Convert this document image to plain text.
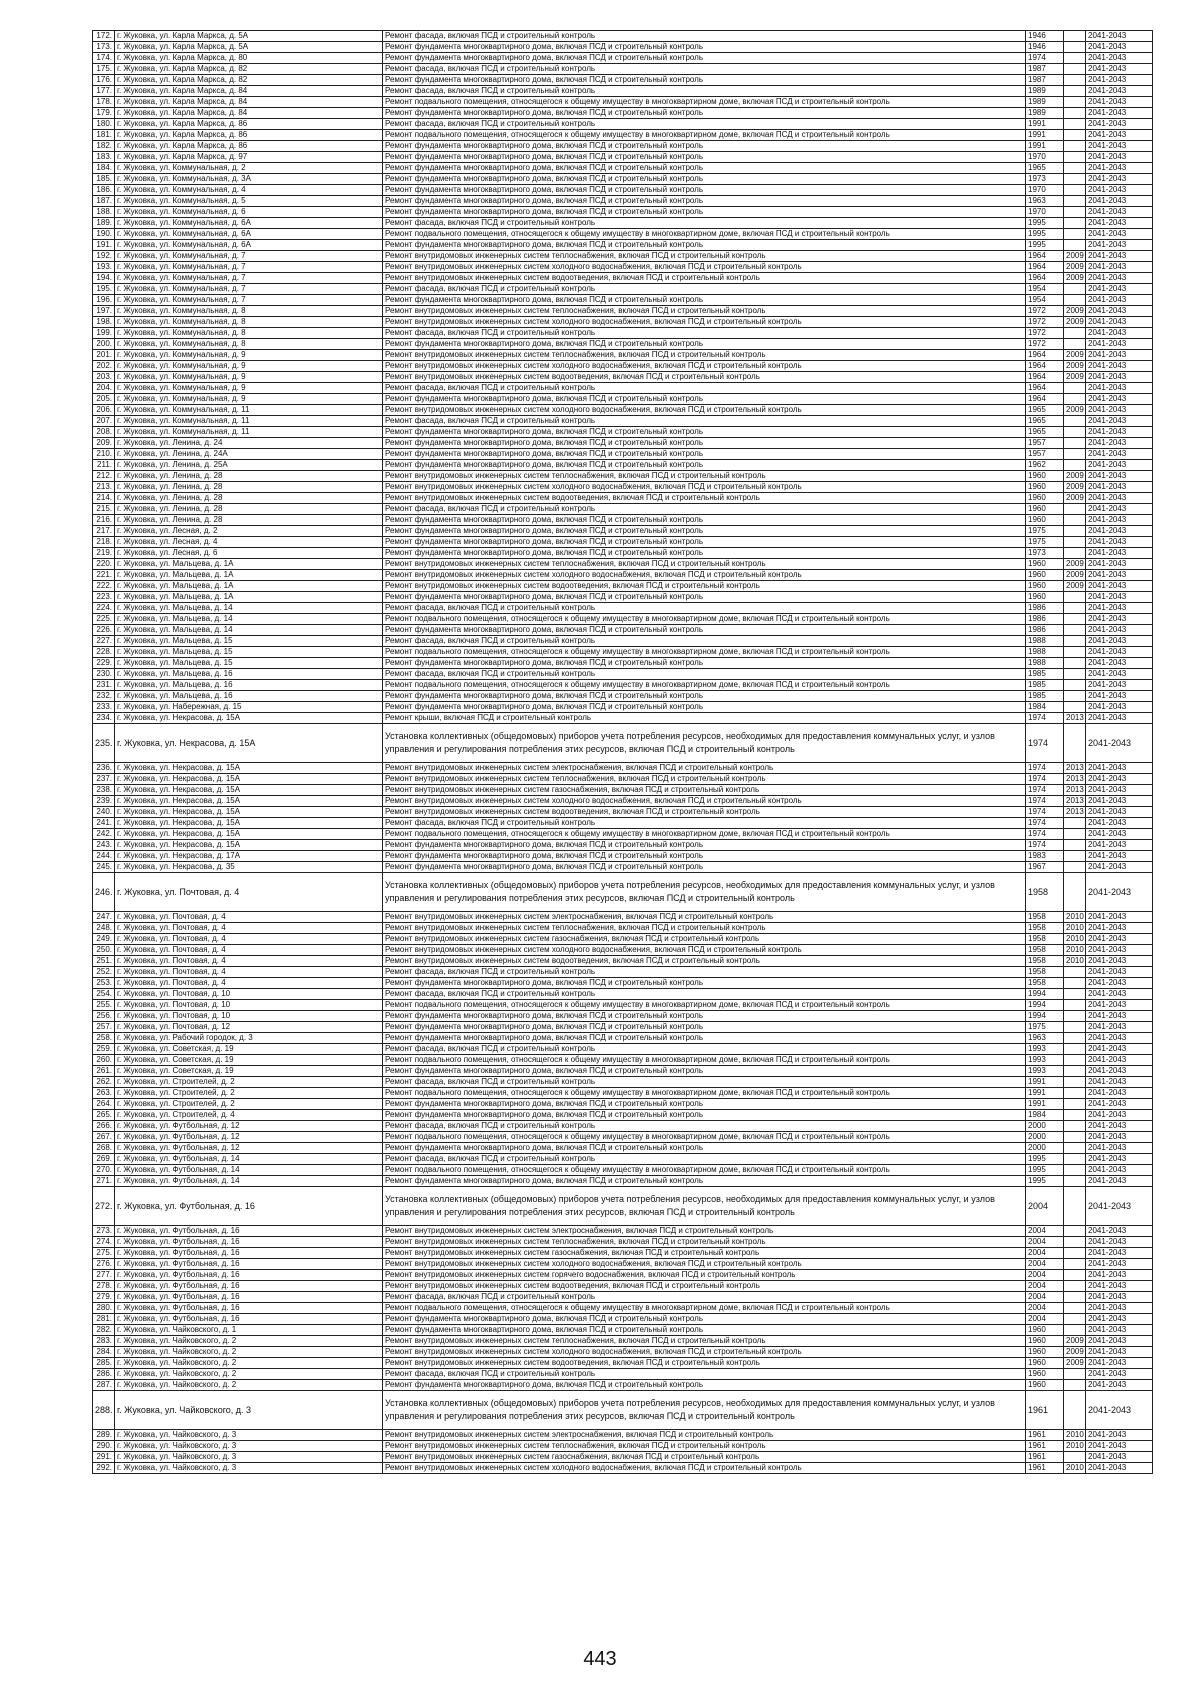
172.	г. Жуковка, ул. Карла Маркса, д. 5А	Ремонт фасада, включая ПСД и строительный контроль	1946		2041-2043
173.	г. Жуковка, ул. Карла Маркса, д. 5А	Ремонт фундамента многоквартирного дома, включая ПСД и строительный контроль	1946		2041-2043
174.	г. Жуковка, ул. Карла Маркса, д. 80	Ремонт фундамента многоквартирного дома, включая ПСД и строительный контроль	1974		2041-2043
175.	г. Жуковка, ул. Карла Маркса, д. 82	Ремонт фасада, включая ПСД и строительный контроль	1987		2041-2043
176.	г. Жуковка, ул. Карла Маркса, д. 82	Ремонт фундамента многоквартирного дома, включая ПСД и строительный контроль	1987		2041-2043
177.	г. Жуковка, ул. Карла Маркса, д. 84	Ремонт фасада, включая ПСД и строительный контроль	1989		2041-2043
178.	г. Жуковка, ул. Карла Маркса, д. 84	Ремонт подвального помещения, относящегося к общему имуществу в многоквартирном доме, включая ПСД и строительный контроль	1989		2041-2043
179.	г. Жуковка, ул. Карла Маркса, д. 84	Ремонт фундамента многоквартирного дома, включая ПСД и строительный контроль	1989		2041-2043
180.	г. Жуковка, ул. Карла Маркса, д. 86	Ремонт фасада, включая ПСД и строительный контроль	1991		2041-2043
181.	г. Жуковка, ул. Карла Маркса, д. 86	Ремонт подвального помещения, относящегося к общему имуществу в многоквартирном доме, включая ПСД и строительный контроль	1991		2041-2043
182.	г. Жуковка, ул. Карла Маркса, д. 86	Ремонт фундамента многоквартирного дома, включая ПСД и строительный контроль	1991		2041-2043
183.	г. Жуковка, ул. Карла Маркса, д. 97	Ремонт фундамента многоквартирного дома, включая ПСД и строительный контроль	1970		2041-2043
184.	г. Жуковка, ул. Коммунальная, д. 2	Ремонт фундамента многоквартирного дома, включая ПСД и строительный контроль	1965		2041-2043
185.	г. Жуковка, ул. Коммунальная, д. 3А	Ремонт фундамента многоквартирного дома, включая ПСД и строительный контроль	1973		2041-2043
186.	г. Жуковка, ул. Коммунальная, д. 4	Ремонт фундамента многоквартирного дома, включая ПСД и строительный контроль	1970		2041-2043
187.	г. Жуковка, ул. Коммунальная, д. 5	Ремонт фундамента многоквартирного дома, включая ПСД и строительный контроль	1963		2041-2043
188.	г. Жуковка, ул. Коммунальная, д. 6	Ремонт фундамента многоквартирного дома, включая ПСД и строительный контроль	1970		2041-2043
189.	г. Жуковка, ул. Коммунальная, д. 6А	Ремонт фасада, включая ПСД и строительный контроль	1995		2041-2043
190.	г. Жуковка, ул. Коммунальная, д. 6А	Ремонт подвального помещения, относящегося к общему имуществу в многоквартирном доме, включая ПСД и строительный контроль	1995		2041-2043
191.	г. Жуковка, ул. Коммунальная, д. 6А	Ремонт фундамента многоквартирного дома, включая ПСД и строительный контроль	1995		2041-2043
192.	г. Жуковка, ул. Коммунальная, д. 7	Ремонт внутридомовых инженерных систем теплоснабжения, включая ПСД и строительный контроль	1964	2009	2041-2043
193.	г. Жуковка, ул. Коммунальная, д. 7	Ремонт внутридомовых инженерных систем холодного водоснабжения, включая ПСД и строительный контроль	1964	2009	2041-2043
194.	г. Жуковка, ул. Коммунальная, д. 7	Ремонт внутридомовых инженерных систем водоотведения, включая ПСД и строительный контроль	1964	2009	2041-2043
195.	г. Жуковка, ул. Коммунальная, д. 7	Ремонт фасада, включая ПСД и строительный контроль	1954		2041-2043
196.	г. Жуковка, ул. Коммунальная, д. 7	Ремонт фундамента многоквартирного дома, включая ПСД и строительный контроль	1954		2041-2043
197.	г. Жуковка, ул. Коммунальная, д. 8	Ремонт внутридомовых инженерных систем теплоснабжения, включая ПСД и строительный контроль	1972	2009	2041-2043
198.	г. Жуковка, ул. Коммунальная, д. 8	Ремонт внутридомовых инженерных систем холодного водоснабжения, включая ПСД и строительный контроль	1972	2009	2041-2043
199.	г. Жуковка, ул. Коммунальная, д. 8	Ремонт фасада, включая ПСД и строительный контроль	1972		2041-2043
200.	г. Жуковка, ул. Коммунальная, д. 8	Ремонт фундамента многоквартирного дома, включая ПСД и строительный контроль	1972		2041-2043
201.	г. Жуковка, ул. Коммунальная, д. 9	Ремонт внутридомовых инженерных систем теплоснабжения, включая ПСД и строительный контроль	1964	2009	2041-2043
202.	г. Жуковка, ул. Коммунальная, д. 9	Ремонт внутридомовых инженерных систем холодного водоснабжения, включая ПСД и строительный контроль	1964	2009	2041-2043
203.	г. Жуковка, ул. Коммунальная, д. 9	Ремонт внутридомовых инженерных систем водоотведения, включая ПСД и строительный контроль	1964	2009	2041-2043
204.	г. Жуковка, ул. Коммунальная, д. 9	Ремонт фасада, включая ПСД и строительный контроль	1964		2041-2043
205.	г. Жуковка, ул. Коммунальная, д. 9	Ремонт фундамента многоквартирного дома, включая ПСД и строительный контроль	1964		2041-2043
206.	г. Жуковка, ул. Коммунальная, д. 11	Ремонт внутридомовых инженерных систем холодного водоснабжения, включая ПСД и строительный контроль	1965	2009	2041-2043
207.	г. Жуковка, ул. Коммунальная, д. 11	Ремонт фасада, включая ПСД и строительный контроль	1965		2041-2043
208.	г. Жуковка, ул. Коммунальная, д. 11	Ремонт фундамента многоквартирного дома, включая ПСД и строительный контроль	1965		2041-2043
209.	г. Жуковка, ул. Ленина, д. 24	Ремонт фундамента многоквартирного дома, включая ПСД и строительный контроль	1957		2041-2043
210.	г. Жуковка, ул. Ленина, д. 24А	Ремонт фундамента многоквартирного дома, включая ПСД и строительный контроль	1957		2041-2043
211.	г. Жуковка, ул. Ленина, д. 25А	Ремонт фундамента многоквартирного дома, включая ПСД и строительный контроль	1962		2041-2043
212.	г. Жуковка, ул. Ленина, д. 28	Ремонт внутридомовых инженерных систем теплоснабжения, включая ПСД и строительный контроль	1960	2009	2041-2043
213.	г. Жуковка, ул. Ленина, д. 28	Ремонт внутридомовых инженерных систем холодного водоснабжения, включая ПСД и строительный контроль	1960	2009	2041-2043
214.	г. Жуковка, ул. Ленина, д. 28	Ремонт внутридомовых инженерных систем водоотведения, включая ПСД и строительный контроль	1960	2009	2041-2043
215.	г. Жуковка, ул. Ленина, д. 28	Ремонт фасада, включая ПСД и строительный контроль	1960		2041-2043
216.	г. Жуковка, ул. Ленина, д. 28	Ремонт фундамента многоквартирного дома, включая ПСД и строительный контроль	1960		2041-2043
217.	г. Жуковка, ул. Лесная, д. 2	Ремонт фундамента многоквартирного дома, включая ПСД и строительный контроль	1975		2041-2043
218.	г. Жуковка, ул. Лесная, д. 4	Ремонт фундамента многоквартирного дома, включая ПСД и строительный контроль	1975		2041-2043
219.	г. Жуковка, ул. Лесная, д. 6	Ремонт фундамента многоквартирного дома, включая ПСД и строительный контроль	1973		2041-2043
220.	г. Жуковка, ул. Мальцева, д. 1А	Ремонт внутридомовых инженерных систем теплоснабжения, включая ПСД и строительный контроль	1960	2009	2041-2043
221.	г. Жуковка, ул. Мальцева, д. 1А	Ремонт внутридомовых инженерных систем холодного водоснабжения, включая ПСД и строительный контроль	1960	2009	2041-2043
222.	г. Жуковка, ул. Мальцева, д. 1А	Ремонт внутридомовых инженерных систем водоотведения, включая ПСД и строительный контроль	1960	2009	2041-2043
223.	г. Жуковка, ул. Мальцева, д. 1А	Ремонт фундамента многоквартирного дома, включая ПСД и строительный контроль	1960		2041-2043
224.	г. Жуковка, ул. Мальцева, д. 14	Ремонт фасада, включая ПСД и строительный контроль	1986		2041-2043
225.	г. Жуковка, ул. Мальцева, д. 14	Ремонт подвального помещения, относящегося к общему имуществу в многоквартирном доме, включая ПСД и строительный контроль	1986		2041-2043
226.	г. Жуковка, ул. Мальцева, д. 14	Ремонт фундамента многоквартирного дома, включая ПСД и строительный контроль	1986		2041-2043
227.	г. Жуковка, ул. Мальцева, д. 15	Ремонт фасада, включая ПСД и строительный контроль	1988		2041-2043
228.	г. Жуковка, ул. Мальцева, д. 15	Ремонт подвального помещения, относящегося к общему имуществу в многоквартирном доме, включая ПСД и строительный контроль	1988		2041-2043
229.	г. Жуковка, ул. Мальцева, д. 15	Ремонт фундамента многоквартирного дома, включая ПСД и строительный контроль	1988		2041-2043
230.	г. Жуковка, ул. Мальцева, д. 16	Ремонт фасада, включая ПСД и строительный контроль	1985		2041-2043
231.	г. Жуковка, ул. Мальцева, д. 16	Ремонт подвального помещения, относящегося к общему имуществу в многоквартирном доме, включая ПСД и строительный контроль	1985		2041-2043
232.	г. Жуковка, ул. Мальцева, д. 16	Ремонт фундамента многоквартирного дома, включая ПСД и строительный контроль	1985		2041-2043
233.	г. Жуковка, ул. Набережная, д. 15	Ремонт фундамента многоквартирного дома, включая ПСД и строительный контроль	1984		2041-2043
234.	г. Жуковка, ул. Некрасова, д. 15А	Ремонт крыши, включая ПСД и строительный контроль	1974	2013	2041-2043
235.	г. Жуковка, ул. Некрасова, д. 15А	Установка коллективных (общедомовых) приборов учета потребления ресурсов, необходимых для предоставления коммунальных услуг, и узлов управления и регулирования потребления этих ресурсов, включая ПСД и строительный контроль	1974		2041-2043
236.	г. Жуковка, ул. Некрасова, д. 15А	Ремонт внутридомовых инженерных систем электроснабжения, включая ПСД и строительный контроль	1974	2013	2041-2043
237.	г. Жуковка, ул. Некрасова, д. 15А	Ремонт внутридомовых инженерных систем теплоснабжения, включая ПСД и строительный контроль	1974	2013	2041-2043
238.	г. Жуковка, ул. Некрасова, д. 15А	Ремонт внутридомовых инженерных систем газоснабжения, включая ПСД и строительный контроль	1974	2013	2041-2043
239.	г. Жуковка, ул. Некрасова, д. 15А	Ремонт внутридомовых инженерных систем холодного водоснабжения, включая ПСД и строительный контроль	1974	2013	2041-2043
240.	г. Жуковка, ул. Некрасова, д. 15А	Ремонт внутридомовых инженерных систем водоотведения, включая ПСД и строительный контроль	1974	2013	2041-2043
241.	г. Жуковка, ул. Некрасова, д. 15А	Ремонт фасада, включая ПСД и строительный контроль	1974		2041-2043
242.	г. Жуковка, ул. Некрасова, д. 15А	Ремонт подвального помещения, относящегося к общему имуществу в многоквартирном доме, включая ПСД и строительный контроль	1974		2041-2043
243.	г. Жуковка, ул. Некрасова, д. 15А	Ремонт фундамента многоквартирного дома, включая ПСД и строительный контроль	1974		2041-2043
244.	г. Жуковка, ул. Некрасова, д. 17А	Ремонт фундамента многоквартирного дома, включая ПСД и строительный контроль	1983		2041-2043
245.	г. Жуковка, ул. Некрасова, д. 35	Ремонт фундамента многоквартирного дома, включая ПСД и строительный контроль	1967		2041-2043
246.	г. Жуковка, ул. Почтовая, д. 4	Установка коллективных (общедомовых) приборов учета потребления ресурсов, необходимых для предоставления коммунальных услуг, и узлов управления и регулирования потребления этих ресурсов, включая ПСД и строительный контроль	1958		2041-2043
247.	г. Жуковка, ул. Почтовая, д. 4	Ремонт внутридомовых инженерных систем электроснабжения, включая ПСД и строительный контроль	1958	2010	2041-2043
248.	г. Жуковка, ул. Почтовая, д. 4	Ремонт внутридомовых инженерных систем теплоснабжения, включая ПСД и строительный контроль	1958	2010	2041-2043
249.	г. Жуковка, ул. Почтовая, д. 4	Ремонт внутридомовых инженерных систем газоснабжения, включая ПСД и строительный контроль	1958	2010	2041-2043
250.	г. Жуковка, ул. Почтовая, д. 4	Ремонт внутридомовых инженерных систем холодного водоснабжения, включая ПСД и строительный контроль	1958	2010	2041-2043
251.	г. Жуковка, ул. Почтовая, д. 4	Ремонт внутридомовых инженерных систем водоотведения, включая ПСД и строительный контроль	1958	2010	2041-2043
252.	г. Жуковка, ул. Почтовая, д. 4	Ремонт фасада, включая ПСД и строительный контроль	1958		2041-2043
253.	г. Жуковка, ул. Почтовая, д. 4	Ремонт фундамента многоквартирного дома, включая ПСД и строительный контроль	1958		2041-2043
254.	г. Жуковка, ул. Почтовая, д. 10	Ремонт фасада, включая ПСД и строительный контроль	1994		2041-2043
255.	г. Жуковка, ул. Почтовая, д. 10	Ремонт подвального помещения, относящегося к общему имуществу в многоквартирном доме, включая ПСД и строительный контроль	1994		2041-2043
256.	г. Жуковка, ул. Почтовая, д. 10	Ремонт фундамента многоквартирного дома, включая ПСД и строительный контроль	1994		2041-2043
257.	г. Жуковка, ул. Почтовая, д. 12	Ремонт фундамента многоквартирного дома, включая ПСД и строительный контроль	1975		2041-2043
258.	г. Жуковка, ул. Рабочий городок, д. 3	Ремонт фундамента многоквартирного дома, включая ПСД и строительный контроль	1963		2041-2043
259.	г. Жуковка, ул. Советская, д. 19	Ремонт фасада, включая ПСД и строительный контроль	1993		2041-2043
260.	г. Жуковка, ул. Советская, д. 19	Ремонт подвального помещения, относящегося к общему имуществу в многоквартирном доме, включая ПСД и строительный контроль	1993		2041-2043
261.	г. Жуковка, ул. Советская, д. 19	Ремонт фундамента многоквартирного дома, включая ПСД и строительный контроль	1993		2041-2043
262.	г. Жуковка, ул. Строителей, д. 2	Ремонт фасада, включая ПСД и строительный контроль	1991		2041-2043
263.	г. Жуковка, ул. Строителей, д. 2	Ремонт подвального помещения, относящегося к общему имуществу в многоквартирном доме, включая ПСД и строительный контроль	1991		2041-2043
264.	г. Жуковка, ул. Строителей, д. 2	Ремонт фундамента многоквартирного дома, включая ПСД и строительный контроль	1991		2041-2043
265.	г. Жуковка, ул. Строителей, д. 4	Ремонт фундамента многоквартирного дома, включая ПСД и строительный контроль	1984		2041-2043
266.	г. Жуковка, ул. Футбольная, д. 12	Ремонт фасада, включая ПСД и строительный контроль	2000		2041-2043
267.	г. Жуковка, ул. Футбольная, д. 12	Ремонт подвального помещения, относящегося к общему имуществу в многоквартирном доме, включая ПСД и строительный контроль	2000		2041-2043
268.	г. Жуковка, ул. Футбольная, д. 12	Ремонт фундамента многоквартирного дома, включая ПСД и строительный контроль	2000		2041-2043
269.	г. Жуковка, ул. Футбольная, д. 14	Ремонт фасада, включая ПСД и строительный контроль	1995		2041-2043
270.	г. Жуковка, ул. Футбольная, д. 14	Ремонт подвального помещения, относящегося к общему имуществу в многоквартирном доме, включая ПСД и строительный контроль	1995		2041-2043
271.	г. Жуковка, ул. Футбольная, д. 14	Ремонт фундамента многоквартирного дома, включая ПСД и строительный контроль	1995		2041-2043
272.	г. Жуковка, ул. Футбольная, д. 16	Установка коллективных (общедомовых) приборов учета потребления ресурсов, необходимых для предоставления коммунальных услуг, и узлов управления и регулирования потребления этих ресурсов, включая ПСД и строительный контроль	2004		2041-2043
273.	г. Жуковка, ул. Футбольная, д. 16	Ремонт внутридомовых инженерных систем электроснабжения, включая ПСД и строительный контроль	2004		2041-2043
274.	г. Жуковка, ул. Футбольная, д. 16	Ремонт внутридомовых инженерных систем теплоснабжения, включая ПСД и строительный контроль	2004		2041-2043
275.	г. Жуковка, ул. Футбольная, д. 16	Ремонт внутридомовых инженерных систем газоснабжения, включая ПСД и строительный контроль	2004		2041-2043
276.	г. Жуковка, ул. Футбольная, д. 16	Ремонт внутридомовых инженерных систем холодного водоснабжения, включая ПСД и строительный контроль	2004		2041-2043
277.	г. Жуковка, ул. Футбольная, д. 16	Ремонт внутридомовых инженерных систем горячего водоснабжения, включая ПСД и строительный контроль	2004		2041-2043
278.	г. Жуковка, ул. Футбольная, д. 16	Ремонт внутридомовых инженерных систем водоотведения, включая ПСД и строительный контроль	2004		2041-2043
279.	г. Жуковка, ул. Футбольная, д. 16	Ремонт фасада, включая ПСД и строительный контроль	2004		2041-2043
280.	г. Жуковка, ул. Футбольная, д. 16	Ремонт подвального помещения, относящегося к общему имуществу в многоквартирном доме, включая ПСД и строительный контроль	2004		2041-2043
281.	г. Жуковка, ул. Футбольная, д. 16	Ремонт фундамента многоквартирного дома, включая ПСД и строительный контроль	2004		2041-2043
282.	г. Жуковка, ул. Чайковского, д. 1	Ремонт фундамента многоквартирного дома, включая ПСД и строительный контроль	1960		2041-2043
283.	г. Жуковка, ул. Чайковского, д. 2	Ремонт внутридомовых инженерных систем теплоснабжения, включая ПСД и строительный контроль	1960	2009	2041-2043
284.	г. Жуковка, ул. Чайковского, д. 2	Ремонт внутридомовых инженерных систем холодного водоснабжения, включая ПСД и строительный контроль	1960	2009	2041-2043
285.	г. Жуковка, ул. Чайковского, д. 2	Ремонт внутридомовых инженерных систем водоотведения, включая ПСД и строительный контроль	1960	2009	2041-2043
286.	г. Жуковка, ул. Чайковского, д. 2	Ремонт фасада, включая ПСД и строительный контроль	1960		2041-2043
287.	г. Жуковка, ул. Чайковского, д. 2	Ремонт фундамента многоквартирного дома, включая ПСД и строительный контроль	1960		2041-2043
288.	г. Жуковка, ул. Чайковского, д. 3	Установка коллективных (общедомовых) приборов учета потребления ресурсов, необходимых для предоставления коммунальных услуг, и узлов управления и регулирования потребления этих ресурсов, включая ПСД и строительный контроль	1961		2041-2043
289.	г. Жуковка, ул. Чайковского, д. 3	Ремонт внутридомовых инженерных систем электроснабжения, включая ПСД и строительный контроль	1961	2010	2041-2043
290.	г. Жуковка, ул. Чайковского, д. 3	Ремонт внутридомовых инженерных систем теплоснабжения, включая ПСД и строительный контроль	1961	2010	2041-2043
291.	г. Жуковка, ул. Чайковского, д. 3	Ремонт внутридомовых инженерных систем газоснабжения, включая ПСД и строительный контроль	1961		2041-2043
292.	г. Жуковка, ул. Чайковского, д. 3	Ремонт внутридомовых инженерных систем холодного водоснабжения, включая ПСД и строительный контроль	1961	2010	2041-2043
443
